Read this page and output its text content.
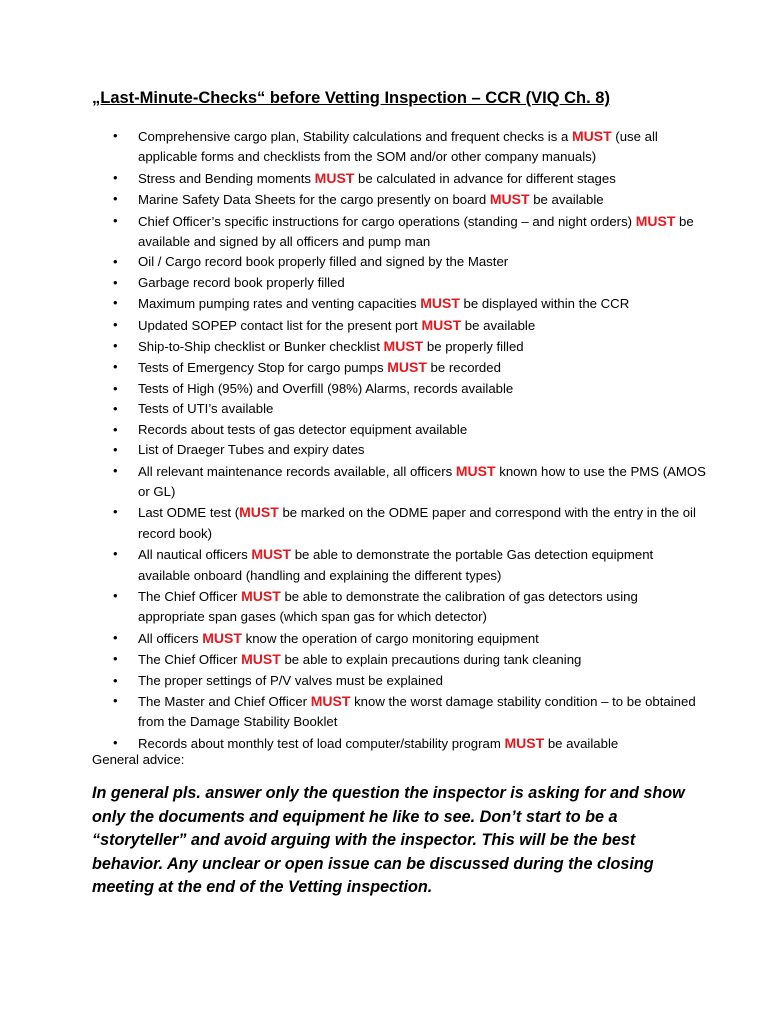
„Last-Minute-Checks“ before Vetting Inspection – CCR (VIQ Ch. 8)
•	Comprehensive cargo plan, Stability calculations and frequent checks is a MUST (use all applicable forms and checklists from the SOM and/or other company manuals)
•	Stress and Bending moments MUST be calculated in advance for different stages
•	Marine Safety Data Sheets for the cargo presently on board MUST be available
•	Chief Officer’s specific instructions for cargo operations (standing – and night orders) MUST be available and signed by all officers and pump man
•	Oil / Cargo record book properly filled and signed by the Master
•	Garbage record book properly filled
•	Maximum pumping rates and venting capacities MUST be displayed within the CCR
•	Updated SOPEP contact list for the present port MUST be available
•	Ship-to-Ship checklist or Bunker checklist MUST be properly filled
•	Tests of Emergency Stop for cargo pumps MUST be recorded
•	Tests of High (95%) and Overfill (98%) Alarms, records available
•	Tests of UTI’s available
•	Records about tests of gas detector equipment available
•	List of Draeger Tubes and expiry dates
•	All relevant maintenance records available, all officers MUST known how to use the PMS (AMOS or GL)
•	Last ODME test (MUST be marked on the ODME paper and correspond with the entry in the oil record book)
•	All nautical officers MUST be able to demonstrate the portable Gas detection equipment available onboard (handling and explaining the different types)
•	The Chief Officer MUST be able to demonstrate the calibration of gas detectors using appropriate span gases (which span gas for which detector)
•	All officers MUST know the operation of cargo monitoring equipment
•	The Chief Officer MUST be able to explain precautions during tank cleaning
•	The proper settings of P/V valves must be explained
•	The Master and Chief Officer MUST know the worst damage stability condition – to be obtained from the Damage Stability Booklet
•	Records about monthly test of load computer/stability program MUST be available
General advice:
In general pls. answer only the question the inspector is asking for and show only the documents and equipment he like to see. Don’t start to be a “storyteller” and avoid arguing with the inspector. This will be the best behavior. Any unclear or open issue can be discussed during the closing meeting at the end of the Vetting inspection.
